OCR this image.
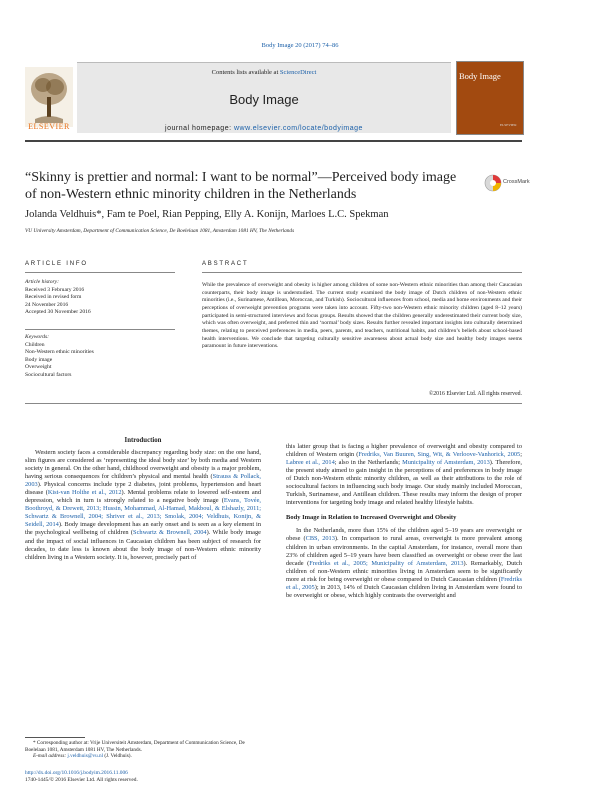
Body Image 20 (2017) 74–86
Contents lists available at ScienceDirect
Body Image
journal homepage: www.elsevier.com/locate/bodyimage
ELSEVIER
Body Image
ELSEVIER
“Skinny is prettier and normal: I want to be normal”—Perceived body image of non-Western ethnic minority children in the Netherlands
CrossMark
Jolanda Veldhuis*, Fam te Poel, Rian Pepping, Elly A. Konijn, Marloes L.C. Spekman
VU University Amsterdam, Department of Communication Science, De Boelelaan 1081, Amsterdam 1081 HV, The Netherlands
ARTICLE INFO	ABSTRACT
Article history:
Received 3 February 2016
Received in revised form
24 November 2016
Accepted 30 November 2016
Keywords:
Children
Non-Western ethnic minorities
Body image
Overweight
Sociocultural factors
While the prevalence of overweight and obesity is higher among children of some non-Western ethnic minorities than among their Caucasian counterparts, their body image is understudied. The current study examined the body image of Dutch children of non-Western ethnic minorities (i.e., Surinamese, Antillean, Moroccan, and Turkish). Sociocultural influences from school, media and home environments and their perceptions of overweight prevention programs were taken into account. Fifty-two non-Western ethnic minority children (aged 8–12 years) participated in semi-structured interviews and focus groups. Results showed that the children generally underestimated their current body size, which was often overweight, and preferred thin and ‘normal’ body sizes. Results further revealed important insights into culturally determined themes, relating to perceived preferences in media, peers, parents, and teachers, nutritional habits, and children’s beliefs about school-based health interventions. We conclude that targeting culturally sensitive awareness about actual body size and healthy body images seems paramount in future interventions.
©2016 Elsevier Ltd. All rights reserved.
Introduction

Western society faces a considerable discrepancy regarding body size: on the one hand, slim figures are considered as ‘representing the ideal body size’ by both media and Western society in general. On the other hand, childhood overweight and obesity is a major problem, having serious consequences for children’s physical and mental health (Strauss & Pollack, 2003). Physical concerns include type 2 diabetes, joint problems, hypertension and heart disease (Kist-van Holthe et al., 2012). Mental problems relate to lowered self-esteem and depression, which in turn is strongly related to a negative body image (Evans, Tovée, Boothroyd, & Drewett, 2013; Hussin, Mohammad, Al-Hamad, Makboul, & Elshazly, 2011; Schwartz & Brownell, 2004; Shriver et al., 2013; Smolak, 2004; Veldhuis, Konijn, & Seidell, 2014). Body image development has an early onset and is seen as a key element in the psychological wellbeing of children (Schwartz & Brownell, 2004). While body image and the impact of social influences in Caucasian children has been subject of research for decades, to date less is known about the body image of non-Western ethnic minority children living in a Western society. It is, however, precisely part of

this latter group that is facing a higher prevalence of overweight and obesity compared to children of Western origin (Fredriks, Van Buuren, Sing, Wit, & Verloove-Vanhorick, 2005; Labree et al., 2014; also in the Netherlands; Municipality of Amsterdam, 2013). Therefore, the present study aimed to gain insight in the perceptions of and preferences in body image of Dutch non-Western ethnic minority children, as well as their attributions to the role of sociocultural factors in influencing such body image. Our study mainly included Moroccan, Turkish, Surinamese, and Antillean children. These results may inform the design of proper interventions for targeting body image and related healthy lifestyle habits.

Body Image in Relation to Increased Overweight and Obesity

In the Netherlands, more than 15% of the children aged 5–19 years are overweight or obese (CBS, 2013). In comparison to rural areas, overweight is more prevalent among children in urban environments. In the capital Amsterdam, for instance, overall more than 23% of children aged 5–19 years have been classified as overweight or obese over the last decade (Fredriks et al., 2005; Municipality of Amsterdam, 2013). Remarkably, Dutch children of non-Western ethnic minorities living in Amsterdam seem to be significantly more at risk for being overweight or obese compared to Dutch Caucasian children (Fredriks et al., 2005); in 2013, 14% of Dutch Caucasian children living in Amsterdam were found to be overweight or obese, which highly contrasts the overweight and

* Corresponding author at: Vrije Universiteit Amsterdam, Department of Communication Science, De Boelelaan 1081, Amsterdam 1081 HV, The Netherlands.
E-mail address: j.veldhuis@vu.nl (J. Veldhuis).
http://dx.doi.org/10.1016/j.bodyim.2016.11.006
1740-1445/© 2016 Elsevier Ltd. All rights reserved.
